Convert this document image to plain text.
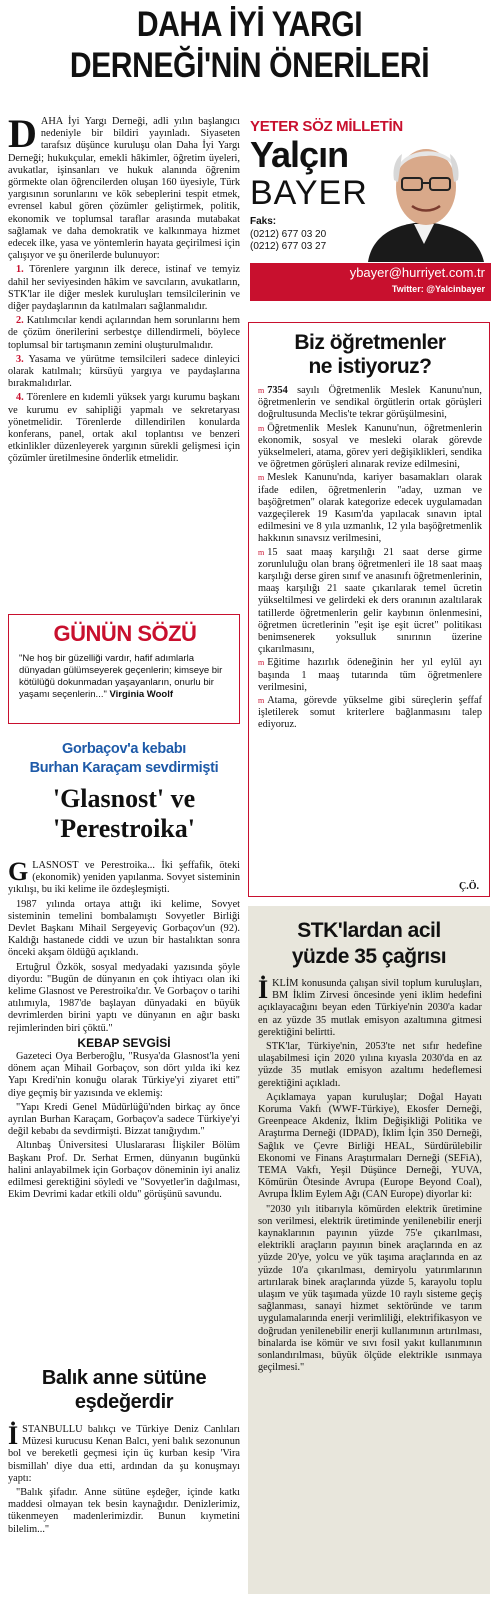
DAHA İYİ YARGI
DERNEĞİ'NİN ÖNERİLERİ

DAHA İyi Yargı Derneği, adli yılın başlangıcı nedeniyle bir bildiri yayınladı. Siyaseten tarafsız düşünce kuruluşu olan Daha İyi Yargı Derneği; hukukçular, emekli hâkimler, öğretim üyeleri, avukatlar, işinsanları ve hukuk alanında öğrenim görmekte olan öğrencilerden oluşan 160 üyesiyle, Türk yargısının sorunlarını ve kök sebeplerini tespit etmek, evrensel kabul gören çözümler geliştirmek, politik, ekonomik ve toplumsal taraflar arasında mutabakat sağlamak ve daha demokratik ve kalkınmaya hizmet edecek ilke, yasa ve yöntemlerin hayata geçirilmesi için çalışıyor ve şu önerilerde bulunuyor:

1. Törenlere yargının ilk derece, istinaf ve temyiz dahil her seviyesinden hâkim ve savcıların, avukatların, STK'lar ile diğer meslek kuruluşları temsilcilerinin ve diğer paydaşlarının da katılmaları sağlanmalıdır.

2. Katılımcılar kendi açılarından hem sorunlarını hem de çözüm önerilerini serbestçe dillendirmeli, böylece toplumsal bir tartışmanın zemini oluşturulmalıdır.

3. Yasama ve yürütme temsilcileri sadece dinleyici olarak katılmalı; kürsüyü yargıya ve paydaşlarına bırakmalıdırlar.

4. Törenlere en kıdemli yüksek yargı kurumu başkanı ve kurumu ev sahipliği yapmalı ve sekretaryası yönetmelidir. Törenlerde dillendirilen konularda konferans, panel, ortak akıl toplantısı ve benzeri etkinlikler düzenleyerek yargının sürekli gelişmesi için çözümler üretilmesine önderlik etmelidir.

YETER SÖZ MİLLETİN
Yalçın
BAYER
Faks:
(0212) 677 03 20
(0212) 677 03 27
ybayer@hurriyet.com.tr
Twitter: @Yalcinbayer
Biz öğretmenler
ne istiyoruz?

m 7354 sayılı Öğretmenlik Meslek Kanunu'nun, öğretmenlerin ve sendikal örgütlerin ortak görüşleri doğrultusunda Meclis'te tekrar görüşülmesini,

m Öğretmenlik Meslek Kanunu'nun, öğretmenlerin ekonomik, sosyal ve mesleki olarak görevde yükselmeleri, atama, görev yeri değişiklikleri, sendika ve öğretmen görüşleri alınarak revize edilmesini,

m Meslek Kanunu'nda, kariyer basamakları olarak ifade edilen, öğretmenlerin "aday, uzman ve başöğretmen" olarak kategorize edecek uygulamadan vazgeçilerek 19 Kasım'da yapılacak sınavın iptal edilmesini ve 8 yıla uzmanlık, 12 yıla başöğretmenlik hakkının sınavsız verilmesini,

m 15 saat maaş karşılığı 21 saat derse girme zorunluluğu olan branş öğretmenleri ile 18 saat maaş karşılığı derse giren sınıf ve anasınıfı öğretmenlerinin, maaş karşılığı 21 saate çıkarılarak temel ücretin yükseltilmesi ve gelirdeki ek ders oranının azaltılarak tatillerde öğretmenlerin gelir kaybının önlenmesini, öğretmen ücretlerinin "eşit işe eşit ücret" politikası benimsenerek yoksulluk sınırının üzerine çıkarılmasını,

m Eğitime hazırlık ödeneğinin her yıl eylül ayı başında 1 maaş tutarında tüm öğretmenlere verilmesini,

m Atama, görevde yükselme gibi süreçlerin şeffaf işletilerek somut kriterlere bağlanmasını talep ediyoruz.

Ç.Ö.
GÜNÜN SÖZÜ
"Ne hoş bir güzelliği vardır, hafif adımlarla dünyadan gülümseyerek geçenlerin; kimseye bir kötülüğü dokunmadan yaşayanların, onurlu bir yaşamı seçenlerin..." Virginia Woolf
Gorbaçov'a kebabı
Burhan Karaçam sevdirmişti
'Glasnost' ve
'Perestroika'

GLASNOST ve Perestroika... İki şeffafik, öteki (ekonomik) yeniden yapılanma. Sovyet sisteminin yıkılışı, bu iki kelime ile özdeşleşmişti.

1987 yılında ortaya attığı iki kelime, Sovyet sisteminin temelini bombalamıştı Sovyetler Birliği Devlet Başkanı Mihail Sergeyeviç Gorbaçov'un (92). Kaldığı hastanede ciddi ve uzun bir hastalıktan sonra önceki akşam öldüğü açıklandı.

Ertuğrul Özkök, sosyal medyadaki yazısında şöyle diyordu: "Bugün de dünyanın en çok ihtiyacı olan iki kelime Glasnost ve Perestroika'dır. Ve Gorbaçov o tarihi atılımıyla, 1987'de başlayan dünyadaki en büyük devrimlerden birini yaptı ve dünyanın en ağır baskı rejimlerinden biri çöktü."

KEBAP SEVGİSİ

Gazeteci Oya Berberoğlu, "Rusya'da Glasnost'la yeni dönem açan Mihail Gorbaçov, son dört yılda iki kez Yapı Kredi'nin konuğu olarak Türkiye'yi ziyaret etti" diye geçmiş bir yazısında ve eklemiş:

"Yapı Kredi Genel Müdürlüğü'nden birkaç ay önce ayrılan Burhan Karaçam, Gorbaçov'a sadece Türkiye'yi değil kebabı da sevdirmişti. Bizzat tanığıydım."

Altınbaş Üniversitesi Uluslararası İlişkiler Bölüm Başkanı Prof. Dr. Serhat Ermen, dünyanın bugünkü halini anlayabilmek için Gorbaçov döneminin iyi analiz edilmesi gerektiğini söyledi ve "Sovyetler'in dağılması, Ekim Devrimi kadar etkili oldu" görüşünü savundu.

Balık anne sütüne
eşdeğerdir

İSTANBULLU balıkçı ve Türkiye Deniz Canlıları Müzesi kurucusu Kenan Balcı, yeni balık sezonunun bol ve bereketli geçmesi için üç kurban kesip 'Vira bismillah' diye dua etti, ardından da şu konuşmayı yaptı:

"Balık şifadır. Anne sütüne eşdeğer, içinde katkı maddesi olmayan tek besin kaynağıdır. Denizlerimiz, tükenmeyen madenlerimizdir. Bunun kıymetini bilelim..."

STK'lardan acil
yüzde 35 çağrısı

İKLİM konusunda çalışan sivil toplum kuruluşları, BM İklim Zirvesi öncesinde yeni iklim hedefini açıklayacağını beyan eden Türkiye'nin 2030'a kadar en az yüzde 35 mutlak emisyon azaltımına gitmesi gerektiğini belirtti.

STK'lar, Türkiye'nin, 2053'te net sıfır hedefine ulaşabilmesi için 2020 yılına kıyasla 2030'da en az yüzde 35 mutlak emisyon azaltımı hedeflemesi gerektiğini açıkladı.

Açıklamaya yapan kuruluşlar; Doğal Hayatı Koruma Vakfı (WWF-Türkiye), Ekosfer Derneği, Greenpeace Akdeniz, İklim Değişikliği Politika ve Araştırma Derneği (IDPAD), İklim İçin 350 Derneği, Sağlık ve Çevre Birliği HEAL, Sürdürülebilir Ekonomi ve Finans Araştırmaları Derneği (SEFiA), TEMA Vakfı, Yeşil Düşünce Derneği, YUVA, Kömürün Ötesinde Avrupa (Europe Beyond Coal), Avrupa İklim Eylem Ağı (CAN Europe) diyorlar ki:

"2030 yılı itibarıyla kömürden elektrik üretimine son verilmesi, elektrik üretiminde yenilenebilir enerji kaynaklarının payının yüzde 75'e çıkarılması, elektrikli araçların payının binek araçlarında en az yüzde 20'ye, yolcu ve yük taşıma araçlarında en az yüzde 10'a çıkarılması, demiryolu yatırımlarının artırılarak binek araçlarında yüzde 5, karayolu toplu ulaşım ve yük taşımada yüzde 10 raylı sisteme geçiş sağlanması, sanayi hizmet sektöründe ve tarım uygulamalarında enerji verimliliği, elektrifikasyon ve doğrudan yenilenebilir enerji kullanımının artırılması, binalarda ise kömür ve sıvı fosil yakıt kullanımının sonlandırılması, büyük ölçüde elektrikle ısınmaya geçilmesi."
